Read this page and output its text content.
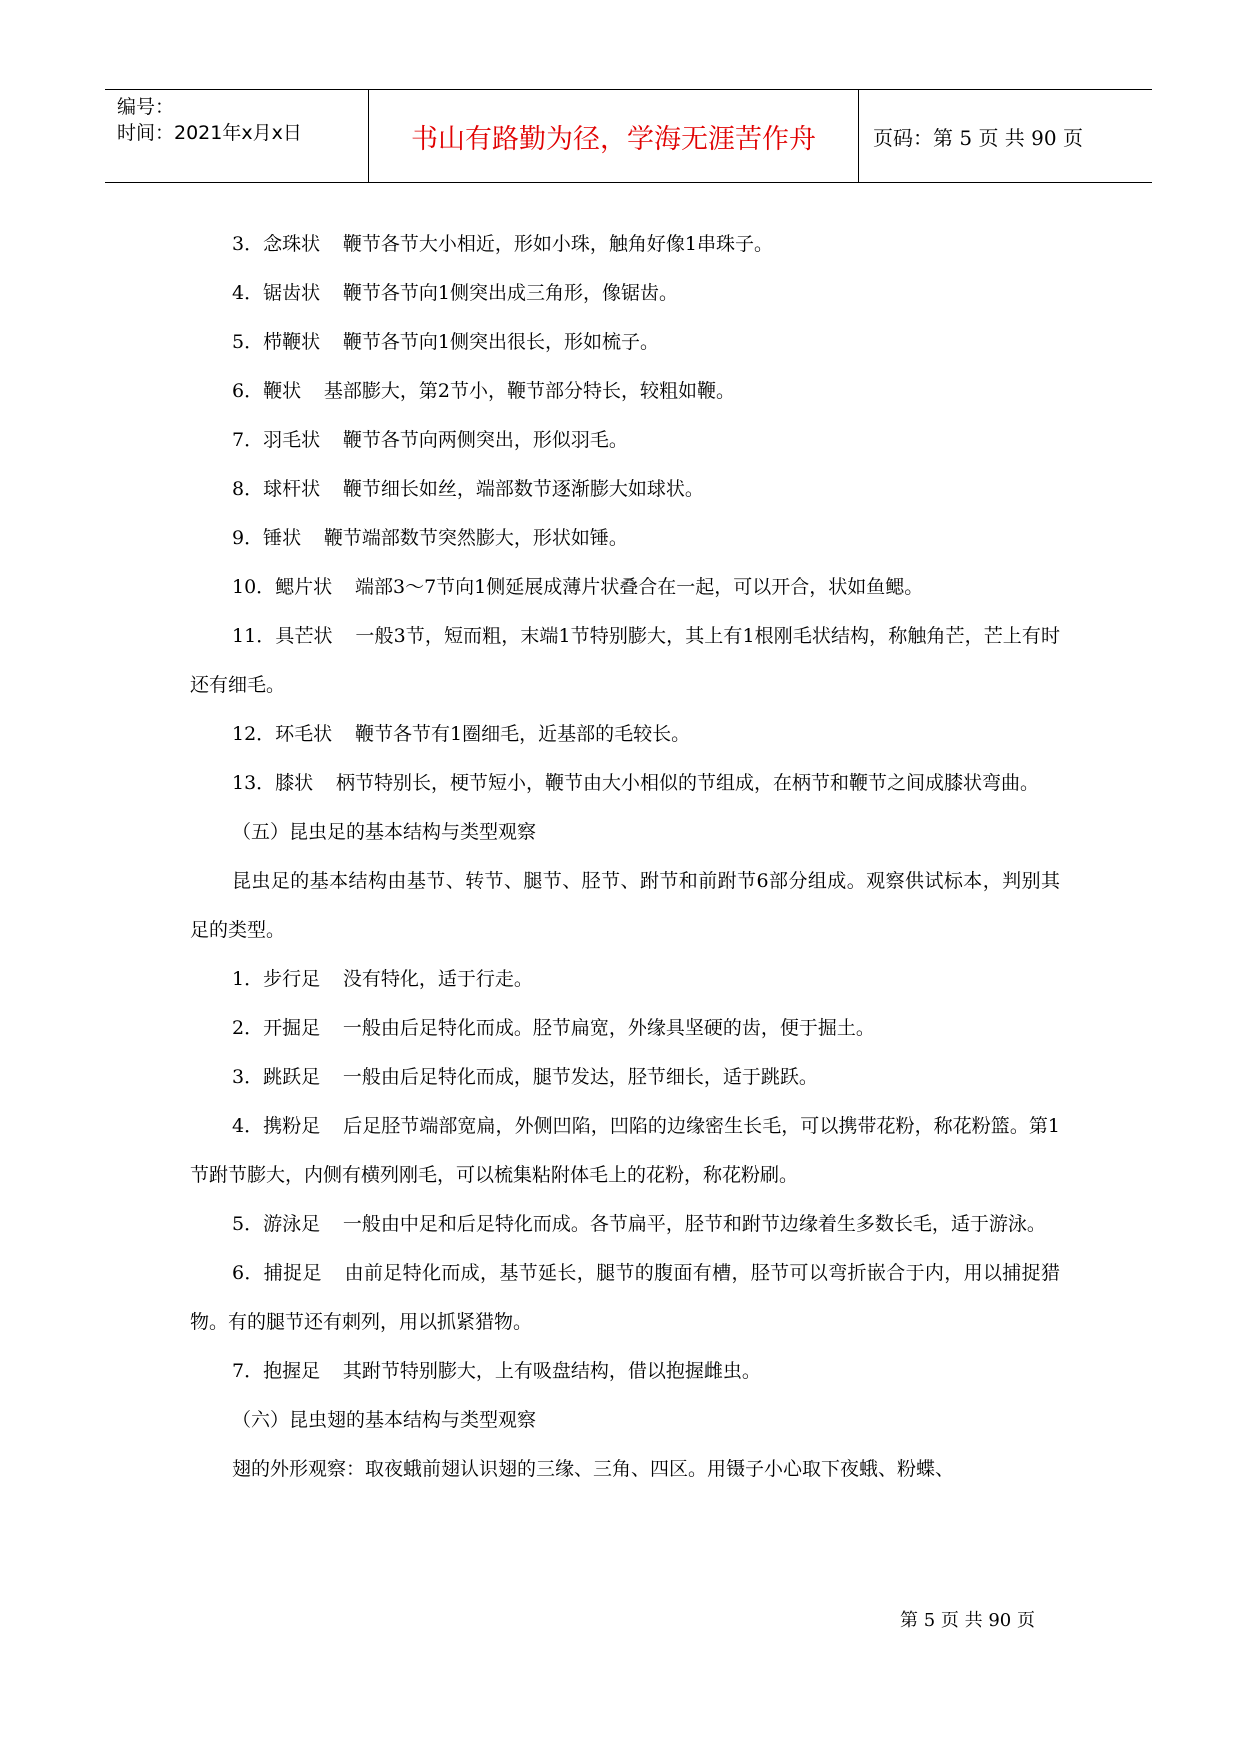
编号：
时间：2021年x月x日	书山有路勤为径，学海无涯苦作舟	页码：第 5 页 共 90 页

3．念珠状 鞭节各节大小相近，形如小珠，触角好像1串珠子。

4．锯齿状 鞭节各节向1侧突出成三角形，像锯齿。

5．栉鞭状 鞭节各节向1侧突出很长，形如梳子。

6．鞭状 基部膨大，第2节小，鞭节部分特长，较粗如鞭。

7．羽毛状 鞭节各节向两侧突出，形似羽毛。

8．球杆状 鞭节细长如丝，端部数节逐渐膨大如球状。

9．锤状 鞭节端部数节突然膨大，形状如锤。

10．鳃片状 端部3～7节向1侧延展成薄片状叠合在一起，可以开合，状如鱼鳃。

11．具芒状 一般3节，短而粗，末端1节特别膨大，其上有1根刚毛状结构，称触角芒，芒上有时还有细毛。

12．环毛状 鞭节各节有1圈细毛，近基部的毛较长。

13．膝状 柄节特别长，梗节短小，鞭节由大小相似的节组成，在柄节和鞭节之间成膝状弯曲。

（五）昆虫足的基本结构与类型观察

昆虫足的基本结构由基节、转节、腿节、胫节、跗节和前跗节6部分组成。观察供试标本，判别其足的类型。

1．步行足 没有特化，适于行走。

2．开掘足 一般由后足特化而成。胫节扁宽，外缘具坚硬的齿，便于掘土。

3．跳跃足 一般由后足特化而成，腿节发达，胫节细长，适于跳跃。

4．携粉足 后足胫节端部宽扁，外侧凹陷，凹陷的边缘密生长毛，可以携带花粉，称花粉篮。第1节跗节膨大，内侧有横列刚毛，可以梳集粘附体毛上的花粉，称花粉刷。

5．游泳足 一般由中足和后足特化而成。各节扁平，胫节和跗节边缘着生多数长毛，适于游泳。

6．捕捉足 由前足特化而成，基节延长，腿节的腹面有槽，胫节可以弯折嵌合于内，用以捕捉猎物。有的腿节还有刺列，用以抓紧猎物。

7．抱握足 其跗节特别膨大，上有吸盘结构，借以抱握雌虫。

（六）昆虫翅的基本结构与类型观察

翅的外形观察：取夜蛾前翅认识翅的三缘、三角、四区。用镊子小心取下夜蛾、粉蝶、

第 5 页 共 90 页
